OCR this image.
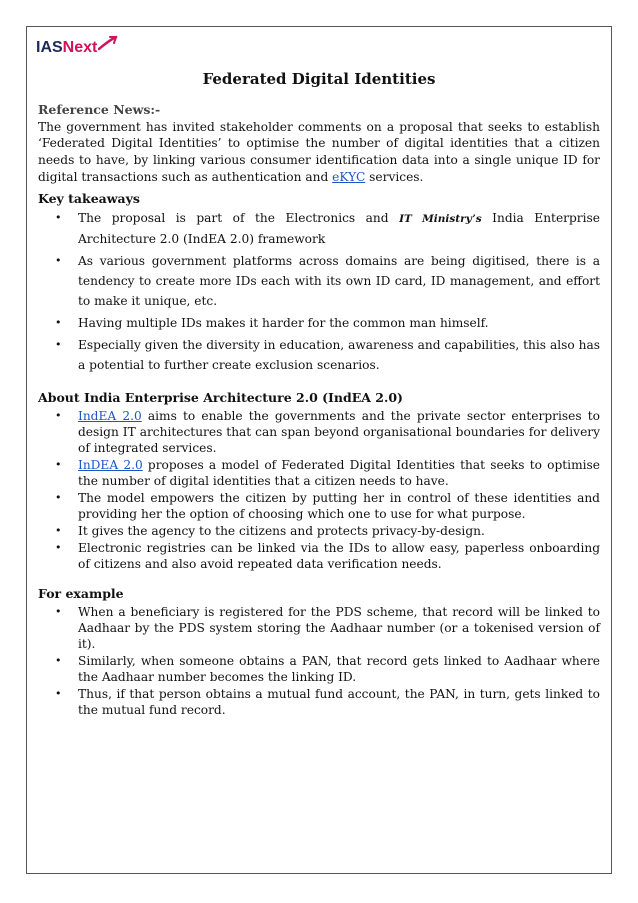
IAS Next
Federated Digital Identities

Reference News:-

The government has invited stakeholder comments on a proposal that seeks to establish ‘Federated Digital Identities’ to optimise the number of digital identities that a citizen needs to have, by linking various consumer identification data into a single unique ID for digital transactions such as authentication and eKYC services.

Key takeaways
• The proposal is part of the Electronics and IT Ministry’s India Enterprise Architecture 2.0 (IndEA 2.0) framework
• As various government platforms across domains are being digitised, there is a tendency to create more IDs each with its own ID card, ID management, and effort to make it unique, etc.
• Having multiple IDs makes it harder for the common man himself.
• Especially given the diversity in education, awareness and capabilities, this also has a potential to further create exclusion scenarios.
About India Enterprise Architecture 2.0 (IndEA 2.0)
• IndEA 2.0 aims to enable the governments and the private sector enterprises to design IT architectures that can span beyond organisational boundaries for delivery of integrated services.
• InDEA 2.0 proposes a model of Federated Digital Identities that seeks to optimise the number of digital identities that a citizen needs to have.
• The model empowers the citizen by putting her in control of these identities and providing her the option of choosing which one to use for what purpose.
• It gives the agency to the citizens and protects privacy-by-design.
• Electronic registries can be linked via the IDs to allow easy, paperless onboarding of citizens and also avoid repeated data verification needs.
For example
• When a beneficiary is registered for the PDS scheme, that record will be linked to Aadhaar by the PDS system storing the Aadhaar number (or a tokenised version of it).
• Similarly, when someone obtains a PAN, that record gets linked to Aadhaar where the Aadhaar number becomes the linking ID.
• Thus, if that person obtains a mutual fund account, the PAN, in turn, gets linked to the mutual fund record.
